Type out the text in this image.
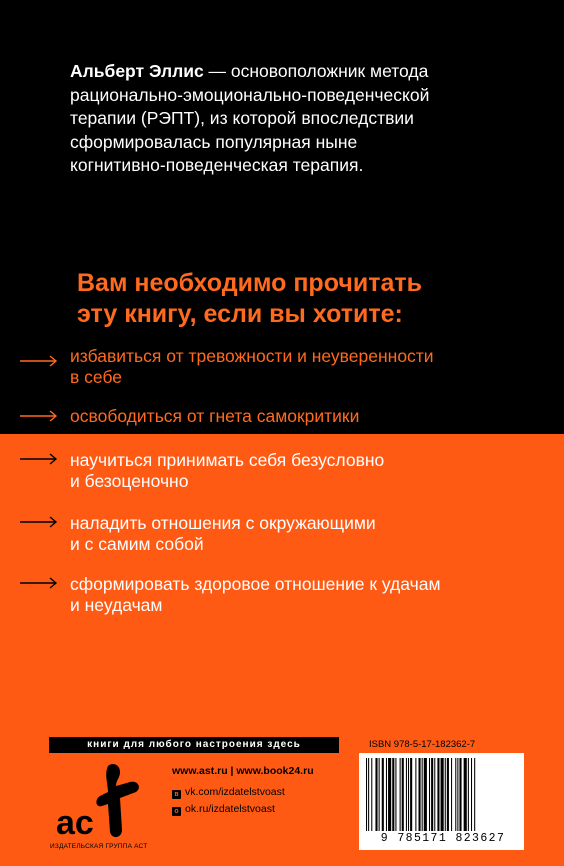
Альберт Эллис — основоположник метода
рационально-эмоционально-поведенческой
терапии (РЭПТ), из которой впоследствии
сформировалась популярная ныне
когнитивно-поведенческая терапия.
Вам необходимо прочитать
эту книгу, если вы хотите:
избавиться от тревожности и неуверенности
в себе
освободиться от гнета самокритики
научиться принимать себя безусловно
и безоценочно
наладить отношения с окружающими
и с самим собой
сформировать здоровое отношение к удачам
и неудачам
книги для любого настроения здесь
ac
ИЗДАТЕЛЬСКАЯ ГРУППА АСТ
www.ast.ru | www.book24.ru
в vk.com/izdatelstvoast
о ok.ru/izdatelstvoast
ISBN 978-5-17-182362-7
9 785171 823627
